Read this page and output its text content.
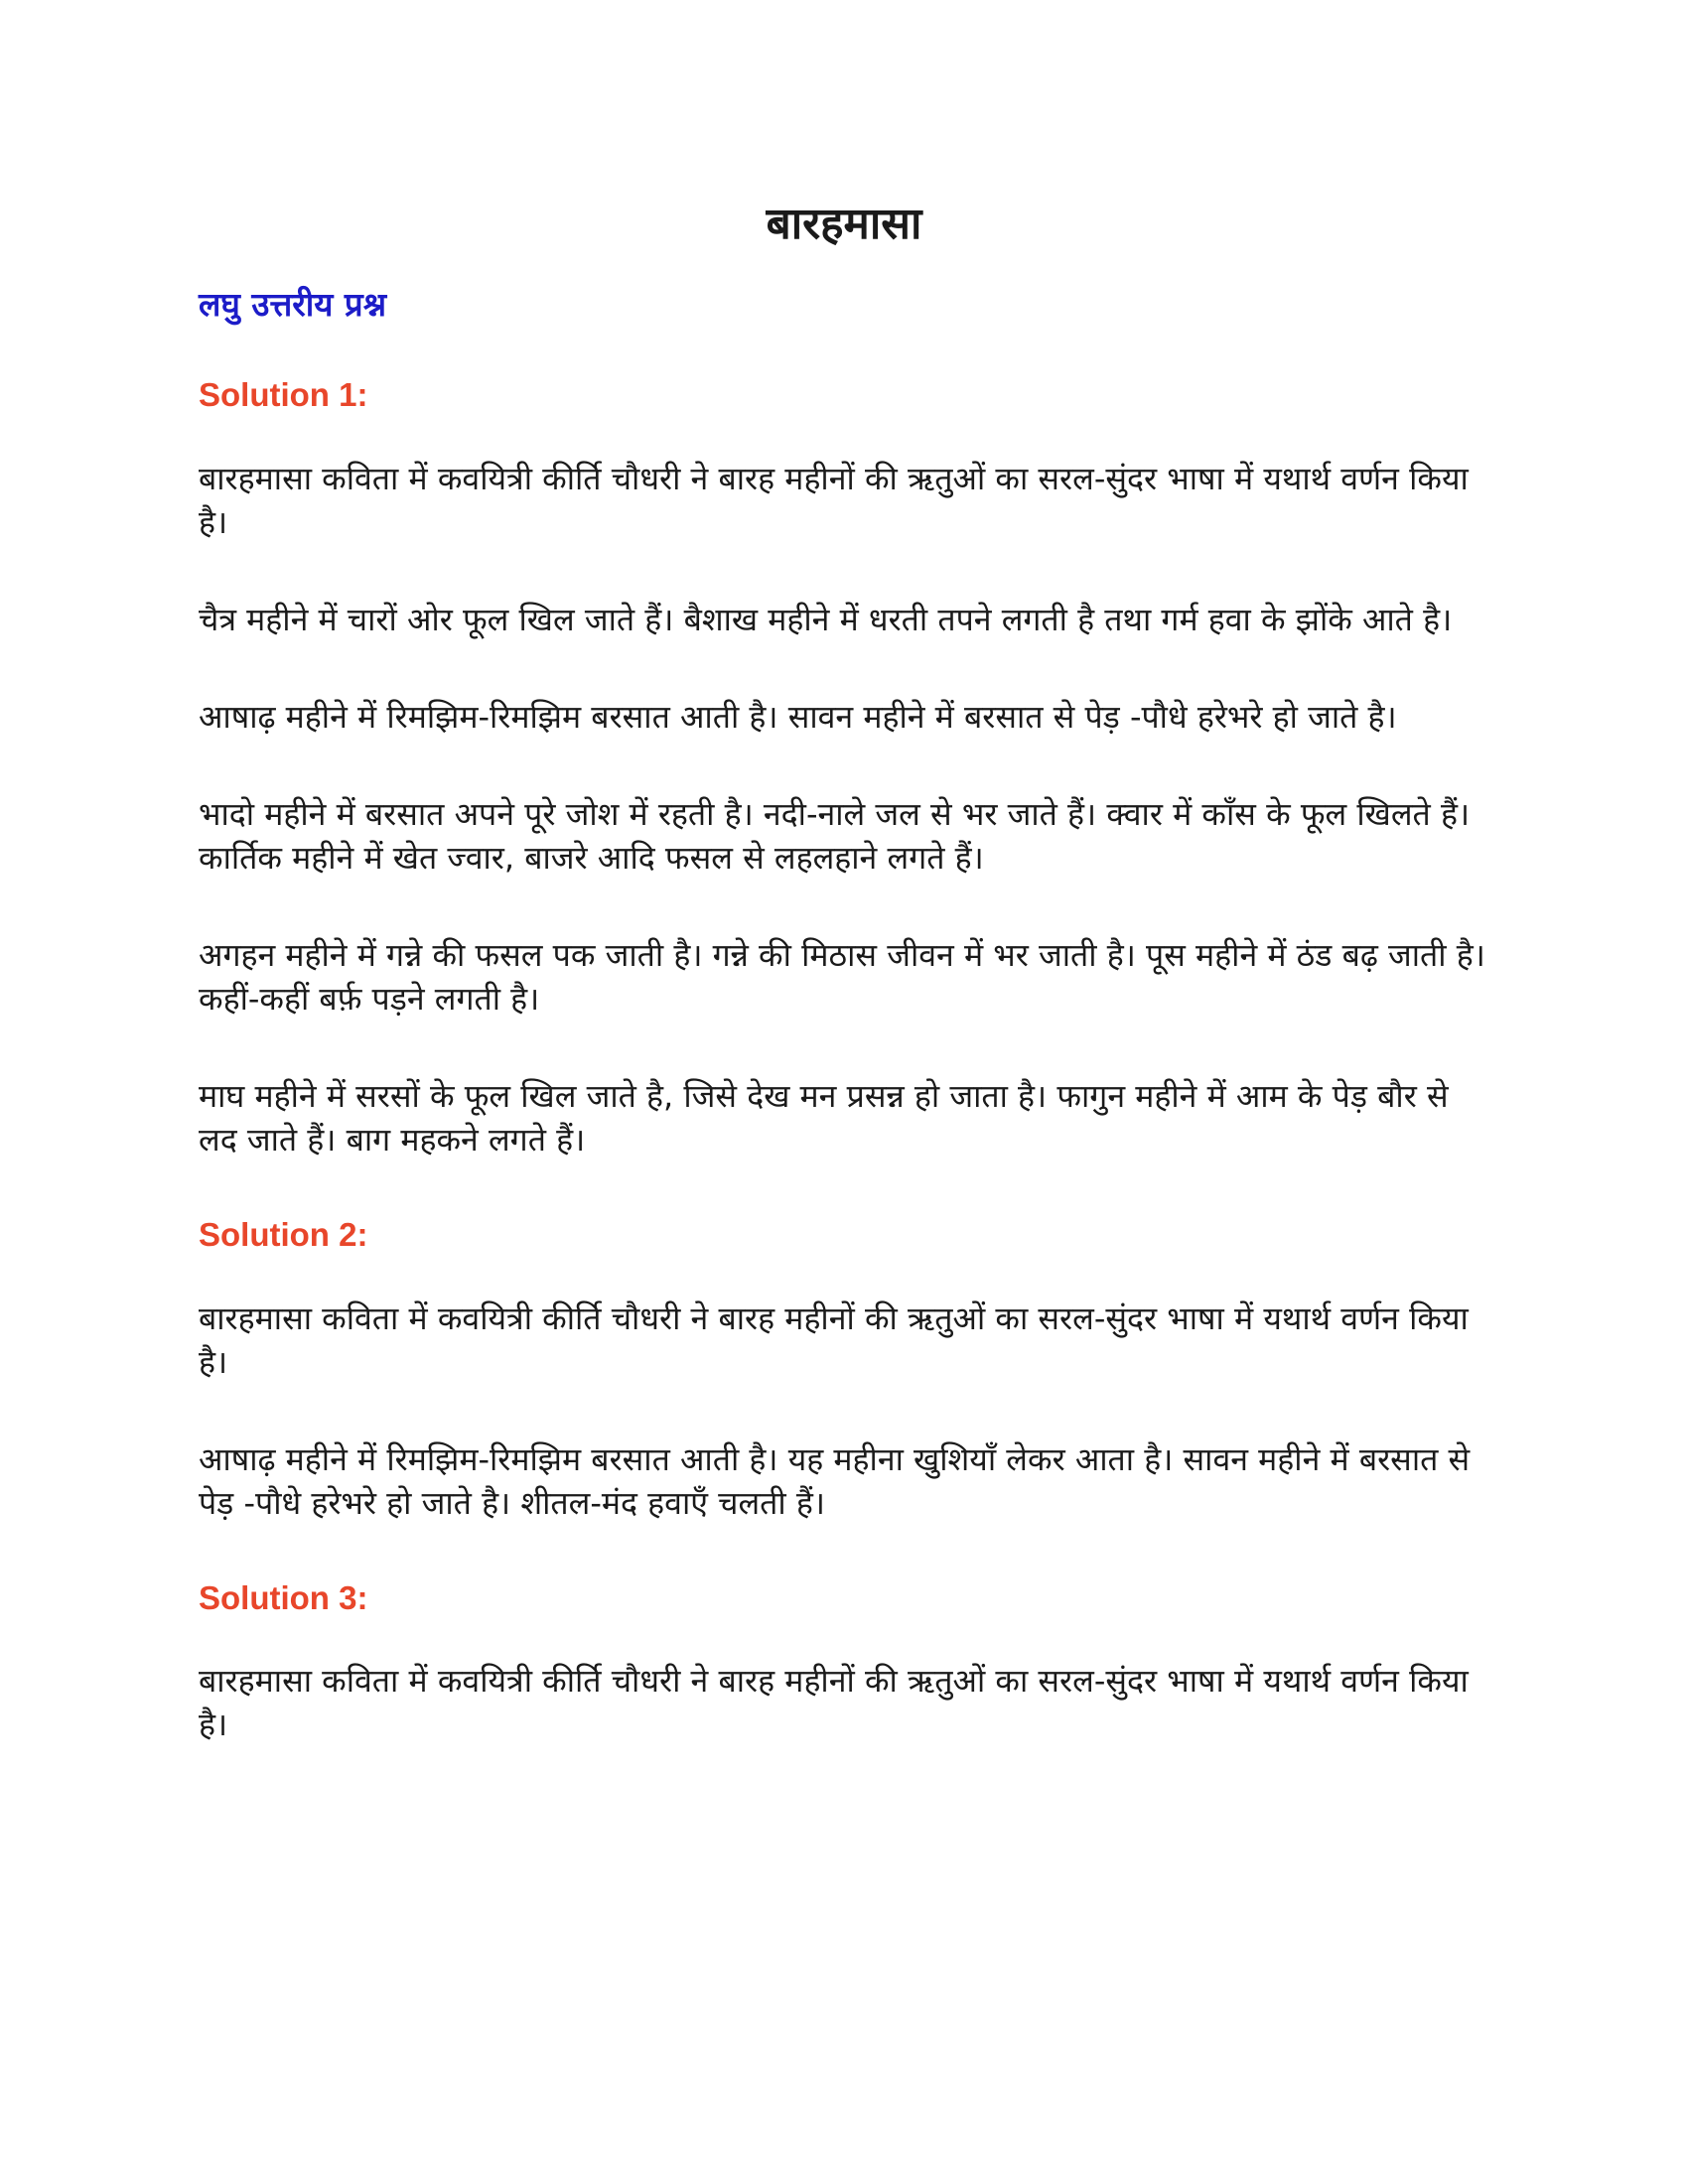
बारहमासा
लघु उत्तरीय प्रश्न
Solution 1:

बारहमासा कविता में कवयित्री कीर्ति चौधरी ने बारह महीनों की ऋतुओं का सरल-सुंदर भाषा में यथार्थ वर्णन किया है।

चैत्र महीने में चारों ओर फूल खिल जाते हैं। बैशाख महीने में धरती तपने लगती है तथा गर्म हवा के झोंके आते है।

आषाढ़ महीने में रिमझिम-रिमझिम बरसात आती है। सावन महीने में बरसात से पेड़ -पौधे हरेभरे हो जाते है।

भादो महीने में बरसात अपने पूरे जोश में रहती है। नदी-नाले जल से भर जाते हैं। क्वार में काँस के फूल खिलते हैं। कार्तिक महीने में खेत ज्वार, बाजरे आदि फसल से लहलहाने लगते हैं।

अगहन महीने में गन्ने की फसल पक जाती है। गन्ने की मिठास जीवन में भर जाती है। पूस महीने में ठंड बढ़ जाती है। कहीं-कहीं बर्फ़ पड़ने लगती है।

माघ महीने में सरसों के फूल खिल जाते है, जिसे देख मन प्रसन्न हो जाता है। फागुन महीने में आम के पेड़ बौर से लद जाते हैं। बाग महकने लगते हैं।

Solution 2:

बारहमासा कविता में कवयित्री कीर्ति चौधरी ने बारह महीनों की ऋतुओं का सरल-सुंदर भाषा में यथार्थ वर्णन किया है।

आषाढ़ महीने में रिमझिम-रिमझिम बरसात आती है। यह महीना खुशियाँ लेकर आता है। सावन महीने में बरसात से पेड़ -पौधे हरेभरे हो जाते है। शीतल-मंद हवाएँ चलती हैं।

Solution 3:

बारहमासा कविता में कवयित्री कीर्ति चौधरी ने बारह महीनों की ऋतुओं का सरल-सुंदर भाषा में यथार्थ वर्णन किया है।
